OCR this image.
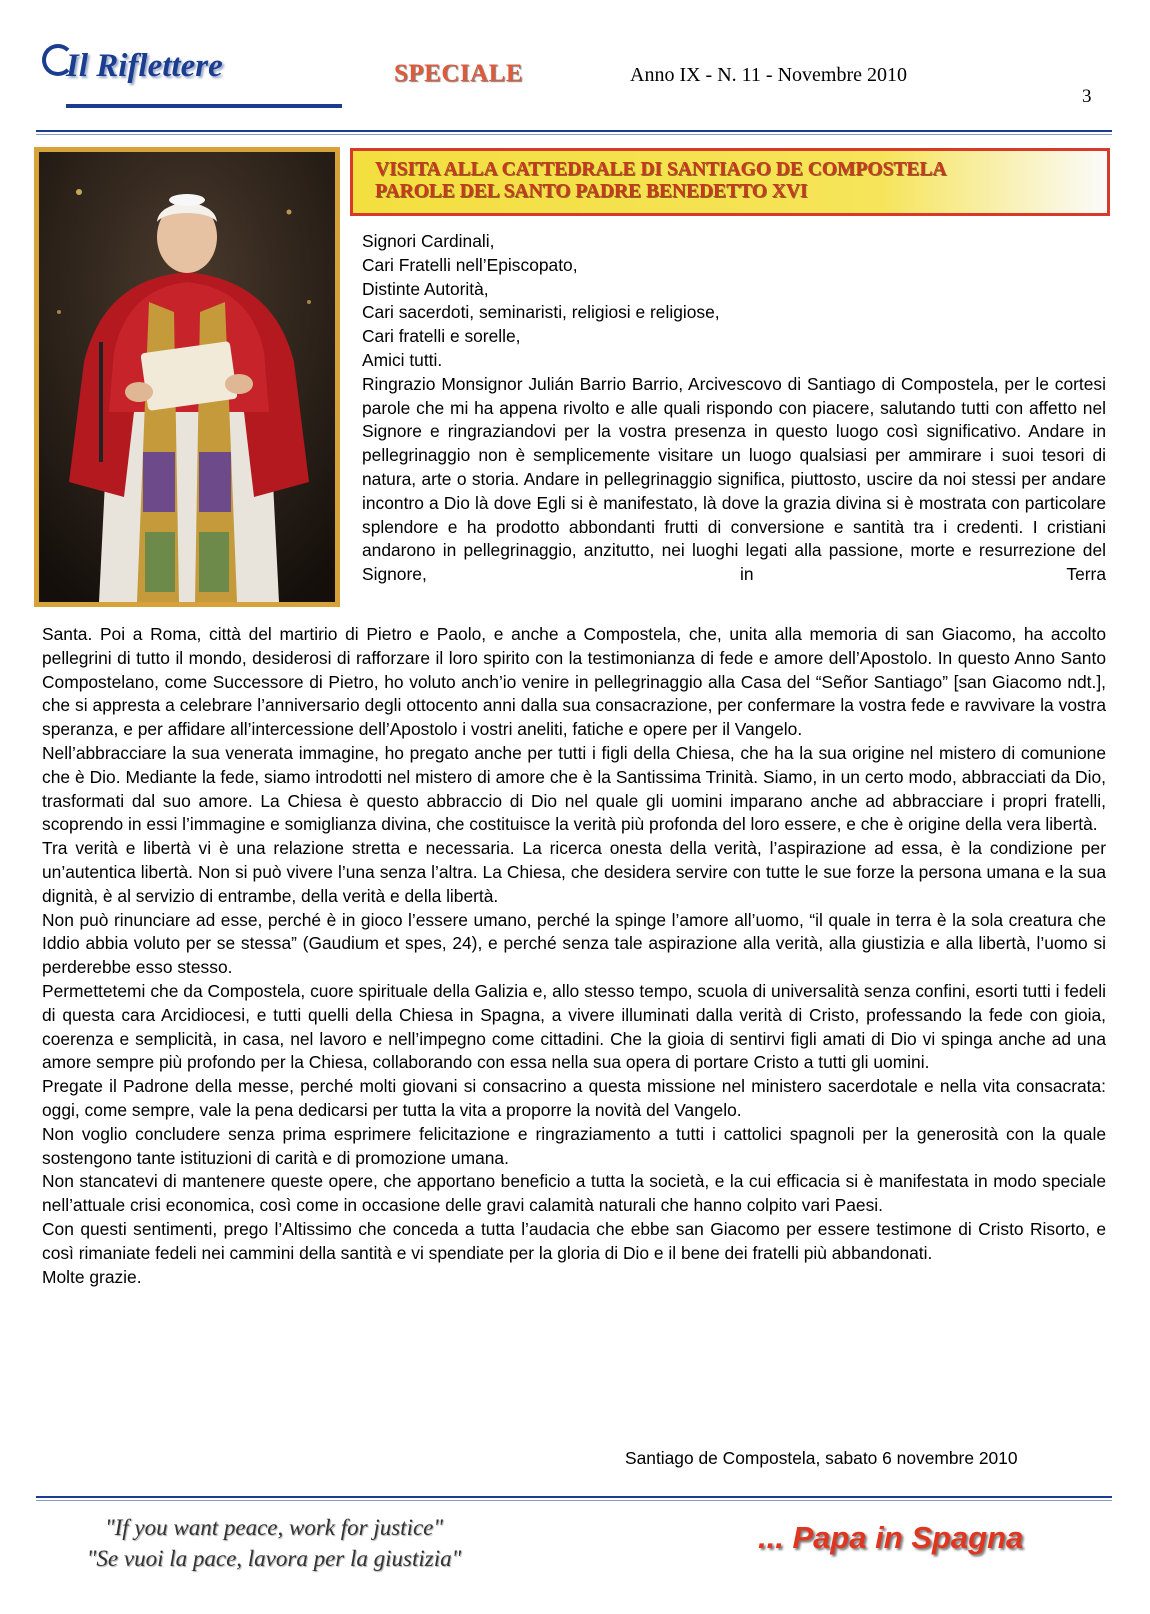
Il Riflettere	SPECIALE	Anno IX - N. 11 - Novembre 2010
3
VISITA ALLA CATTEDRALE DI SANTIAGO DE COMPOSTELA
PAROLE DEL SANTO PADRE BENEDETTO XVI
Signori Cardinali,
Cari Fratelli nell’Episcopato,
Distinte Autorità,
Cari sacerdoti, seminaristi, religiosi e religiose,
Cari fratelli e sorelle,
Amici tutti.

Ringrazio Monsignor Julián Barrio Barrio, Arcivescovo di Santiago di Compostela, per le cortesi parole che mi ha appena rivolto e alle quali rispondo con piacere, salutando tutti con affetto nel Signore e ringraziandovi per la vostra presenza in questo luogo così significativo. Andare in pellegrinaggio non è semplicemente visitare un luogo qualsiasi per ammirare i suoi tesori di natura, arte o storia. Andare in pellegrinaggio significa, piuttosto, uscire da noi stessi per andare incontro a Dio là dove Egli si è manifestato, là dove la grazia divina si è mostrata con particolare splendore e ha prodotto abbondanti frutti di conversione e santità tra i credenti. I cristiani andarono in pellegrinaggio, anzitutto, nei luoghi legati alla passione, morte e resurrezione del Signore, in Terra

Santa. Poi a Roma, città del martirio di Pietro e Paolo, e anche a Compostela, che, unita alla memoria di san Giacomo, ha accolto pellegrini di tutto il mondo, desiderosi di rafforzare il loro spirito con la testimonianza di fede e amore dell’Apostolo. In questo Anno Santo Compostelano, come Successore di Pietro, ho voluto anch’io venire in pellegrinaggio alla Casa del “Señor Santiago” [san Giacomo ndt.], che si appresta a celebrare l’anniversario degli ottocento anni dalla sua consacrazione, per confermare la vostra fede e ravvivare la vostra speranza, e per affidare all’intercessione dell’Apostolo i vostri aneliti, fatiche e opere per il Vangelo.

Nell’abbracciare la sua venerata immagine, ho pregato anche per tutti i figli della Chiesa, che ha la sua origine nel mistero di comunione che è Dio. Mediante la fede, siamo introdotti nel mistero di amore che è la Santissima Trinità. Siamo, in un certo modo, abbracciati da Dio, trasformati dal suo amore. La Chiesa è questo abbraccio di Dio nel quale gli uomini imparano anche ad abbracciare i propri fratelli, scoprendo in essi l’immagine e somiglianza divina, che costituisce la verità più profonda del loro essere, e che è origine della vera libertà.

Tra verità e libertà vi è una relazione stretta e necessaria. La ricerca onesta della verità, l’aspirazione ad essa, è la condizione per un’autentica libertà. Non si può vivere l’una senza l’altra. La Chiesa, che desidera servire con tutte le sue forze la persona umana e la sua dignità, è al servizio di entrambe, della verità e della libertà.

Non può rinunciare ad esse, perché è in gioco l’essere umano, perché la spinge l’amore all’uomo, “il quale in terra è la sola creatura che Iddio abbia voluto per se stessa” (Gaudium et spes, 24), e perché senza tale aspirazione alla verità, alla giustizia e alla libertà, l’uomo si perderebbe esso stesso.

Permettetemi che da Compostela, cuore spirituale della Galizia e, allo stesso tempo, scuola di universalità senza confini, esorti tutti i fedeli di questa cara Arcidiocesi, e tutti quelli della Chiesa in Spagna, a vivere illuminati dalla verità di Cristo, professando la fede con gioia, coerenza e semplicità, in casa, nel lavoro e nell’impegno come cittadini. Che la gioia di sentirvi figli amati di Dio vi spinga anche ad una amore sempre più profondo per la Chiesa, collaborando con essa nella sua opera di portare Cristo a tutti gli uomini.

Pregate il Padrone della messe, perché molti giovani si consacrino a questa missione nel ministero sacerdotale e nella vita consacrata: oggi, come sempre, vale la pena dedicarsi per tutta la vita a proporre la novità del Vangelo.

Non voglio concludere senza prima esprimere felicitazione e ringraziamento a tutti i cattolici spagnoli per la generosità con la quale sostengono tante istituzioni di carità e di promozione umana.

Non stancatevi di mantenere queste opere, che apportano beneficio a tutta la società, e la cui efficacia si è manifestata in modo speciale nell’attuale crisi economica, così come in occasione delle gravi calamità naturali che hanno colpito vari Paesi.

Con questi sentimenti, prego l’Altissimo che conceda a tutta l’audacia che ebbe san Giacomo per essere testimone di Cristo Risorto, e così rimaniate fedeli nei cammini della santità e vi spendiate per la gloria di Dio e il bene dei fratelli più abbandonati.

Molte grazie.

Santiago de Compostela, sabato 6 novembre 2010
"If you want peace, work for justice"
"Se vuoi la pace, lavora per la giustizia"
... Papa in Spagna
